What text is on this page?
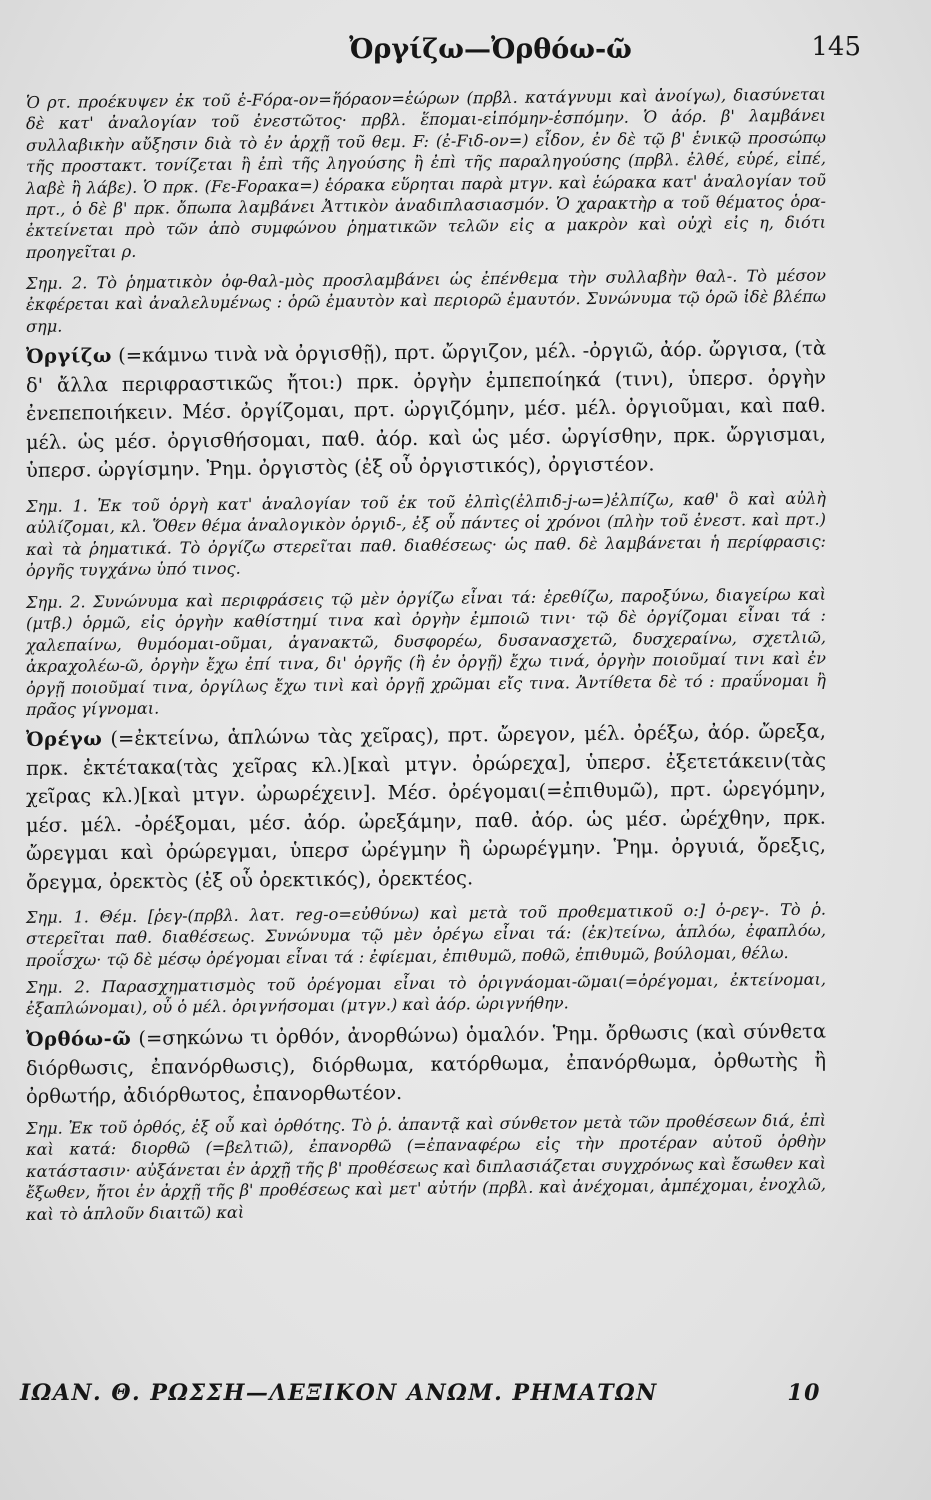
Ὀργίζω—Ὀρθόω-ῶ	145

Ὁ ρτ. προέκυψεν ἐκ τοῦ ἐ-Fόρα-ον=ἥόραον=ἑώρων (πρβλ. κατάγνυμι καὶ ἀνοίγω), διασύνεται δὲ κατ' ἀναλογίαν τοῦ ἐνεστῶτος· πρβλ. ἕπομαι-εἱπόμην-ἑσπόμην. Ὁ ἀόρ. β' λαμβάνει συλλαβικὴν αὔξησιν διὰ τὸ ἐν ἀρχῇ τοῦ θεμ. F: (ἐ-Fιδ-ον=) εἶδον, ἐν δὲ τῷ β' ἑνικῷ προσώπῳ τῆς προστακτ. τονίζεται ἢ ἐπὶ τῆς ληγούσης ἢ ἐπὶ τῆς παραληγούσης (πρβλ. ἐλθέ, εὑρέ, εἰπέ, λαβὲ ἢ λάβε). Ὁ πρκ. (Fε-Fορακα=) ἑόρακα εὕρηται παρὰ μτγν. καὶ ἑώρακα κατ' ἀναλογίαν τοῦ πρτ., ὁ δὲ β' πρκ. ὄπωπα λαμβάνει Ἀττικὸν ἀναδιπλασιασμόν. Ὁ χαρακτὴρ α τοῦ θέματος ὁρα-ἐκτείνεται πρὸ τῶν ἀπὸ συμφώνου ῥηματικῶν τελῶν εἰς α μακρὸν καὶ οὐχὶ εἰς η, διότι προηγεῖται ρ.

Σημ. 2. Τὸ ῥηματικὸν ὀφ-θαλ-μὸς προσλαμβάνει ὡς ἐπένθεμα τὴν συλλαβὴν θαλ-. Τὸ μέσον ἐκφέρεται καὶ ἀναλελυμένως : ὁρῶ ἐμαυτὸν καὶ περιορῶ ἐμαυτόν. Συνώνυμα τῷ ὁρῶ ἰδὲ βλέπω σημ.

Ὀργίζω (=κάμνω τινὰ νὰ ὀργισθῇ), πρτ. ὤργιζον, μέλ. -ὀργιῶ, ἀόρ. ὤργισα, (τὰ δ' ἄλλα περιφραστικῶς ἤτοι:) πρκ. ὀργὴν ἐμπεποίηκά (τινι), ὑπερσ. ὀργὴν ἐνεπεποιήκειν. Μέσ. ὀργίζομαι, πρτ. ὠργιζόμην, μέσ. μέλ. ὀργιοῦμαι, καὶ παθ. μέλ. ὡς μέσ. ὀργισθήσομαι, παθ. ἀόρ. καὶ ὡς μέσ. ὠργίσθην, πρκ. ὤργισμαι, ὑπερσ. ὠργίσμην. Ῥημ. ὀργιστὸς (ἐξ οὗ ὀργιστικός), ὀργιστέον.

Σημ. 1. Ἐκ τοῦ ὀργὴ κατ' ἀναλογίαν τοῦ ἐκ τοῦ ἐλπὶς(ἐλπιδ-j-ω=)ἐλπίζω, καθ' ὃ καὶ αὐλὴ αὐλίζομαι, κλ. Ὅθεν θέμα ἀναλογικὸν ὀργιδ-, ἐξ οὗ πάντες οἱ χρόνοι (πλὴν τοῦ ἐνεστ. καὶ πρτ.) καὶ τὰ ῥηματικά. Τὸ ὀργίζω στερεῖται παθ. διαθέσεως· ὡς παθ. δὲ λαμβάνεται ἡ περίφρασις: ὀργῆς τυγχάνω ὑπό τινος.

Σημ. 2. Συνώνυμα καὶ περιφράσεις τῷ μὲν ὀργίζω εἶναι τά: ἐρεθίζω, παροξύνω, διαγείρω καὶ (μτβ.) ὁρμῶ, εἰς ὀργὴν καθίστημί τινα καὶ ὀργὴν ἐμποιῶ τινι· τῷ δὲ ὀργίζομαι εἶναι τά : χαλεπαίνω, θυμόομαι-οῦμαι, ἀγανακτῶ, δυσφορέω, δυσανασχετῶ, δυσχεραίνω, σχετλιῶ, ἀκραχολέω-ῶ, ὀργὴν ἔχω ἐπί τινα, δι' ὀργῆς (ἢ ἐν ὀργῇ) ἔχω τινά, ὀργὴν ποιοῦμαί τινι καὶ ἐν ὀργῇ ποιοῦμαί τινα, ὀργίλως ἔχω τινὶ καὶ ὀργῇ χρῶμαι εἴς τινα. Ἀντίθετα δὲ τό : πραΰνομαι ἢ πρᾶος γίγνομαι.

Ὀρέγω (=ἐκτείνω, ἁπλώνω τὰς χεῖρας), πρτ. ὤρεγον, μέλ. ὀρέξω, ἀόρ. ὤρεξα, πρκ. ἐκτέτακα(τὰς χεῖρας κλ.)[καὶ μτγν. ὀρώρεχα], ὑπερσ. ἐξετετάκειν(τὰς χεῖρας κλ.)[καὶ μτγν. ὠρωρέχειν]. Μέσ. ὀρέγομαι(=ἐπιθυμῶ), πρτ. ὠρεγόμην, μέσ. μέλ. -ὀρέξομαι, μέσ. ἀόρ. ὠρεξάμην, παθ. ἀόρ. ὡς μέσ. ὠρέχθην, πρκ. ὤρεγμαι καὶ ὀρώρεγμαι, ὑπερσ ὠρέγμην ἢ ὠρωρέγμην. Ῥημ. ὀργυιά, ὄρεξις, ὄρεγμα, ὀρεκτὸς (ἐξ οὗ ὀρεκτικός), ὀρεκτέος.

Σημ. 1. Θέμ. [ῥεγ-(πρβλ. λατ. reg-o=εὐθύνω) καὶ μετὰ τοῦ προθεματικοῦ ο:] ὀ-ρεγ-. Τὸ ῥ. στερεῖται παθ. διαθέσεως. Συνώνυμα τῷ μὲν ὀρέγω εἶναι τά: (ἐκ)τείνω, ἁπλόω, ἐφαπλόω, προΐσχω· τῷ δὲ μέσῳ ὀρέγομαι εἶναι τά : ἐφίεμαι, ἐπιθυμῶ, ποθῶ, ἐπιθυμῶ, βούλομαι, θέλω.

Σημ. 2. Παρασχηματισμὸς τοῦ ὀρέγομαι εἶναι τὸ ὀριγνάομαι-ῶμαι(=ὀρέγομαι, ἐκτείνομαι, ἐξαπλώνομαι), οὗ ὁ μέλ. ὀριγνήσομαι (μτγν.) καὶ ἀόρ. ὠριγνήθην.

Ὀρθόω-ῶ (=σηκώνω τι ὀρθόν, ἀνορθώνω) ὁμαλόν. Ῥημ. ὄρθωσις (καὶ σύνθετα διόρθωσις, ἐπανόρθωσις), διόρθωμα, κατόρθωμα, ἐπανόρθωμα, ὀρθωτὴς ἢ ὀρθωτήρ, ἀδιόρθωτος, ἐπανορθωτέον.

Σημ. Ἐκ τοῦ ὀρθός, ἐξ οὗ καὶ ὀρθότης. Τὸ ῥ. ἀπαντᾷ καὶ σύνθετον μετὰ τῶν προθέσεων διά, ἐπὶ καὶ κατά: διορθῶ (=βελτιῶ), ἐπανορθῶ (=ἐπαναφέρω εἰς τὴν προτέραν αὐτοῦ ὀρθὴν κατάστασιν· αὐξάνεται ἐν ἀρχῇ τῆς β' προθέσεως καὶ διπλασιάζεται συγχρόνως καὶ ἔσωθεν καὶ ἔξωθεν, ἤτοι ἐν ἀρχῇ τῆς β' προθέσεως καὶ μετ' αὐτήν (πρβλ. καὶ ἀνέχομαι, ἀμπέχομαι, ἐνοχλῶ, καὶ τὸ ἁπλοῦν διαιτῶ) καὶ

ΙΩΑΝ. Θ. ΡΩΣΣΗ—ΛΕΞΙΚΟΝ ΑΝΩΜ. ΡΗΜΑΤΩΝ	10
